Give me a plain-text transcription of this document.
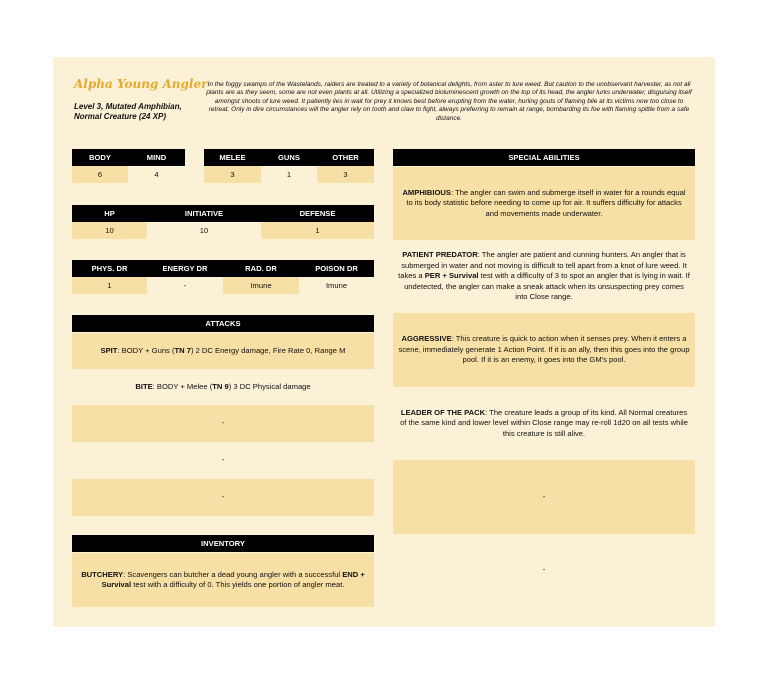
Alpha Young Angler
Level 3, Mutated Amphibian, Normal Creature (24 XP)
In the foggy swamps of the Wastelands, raiders are treated to a variety of botanical delights, from aster to lure weed. But caution to the unobservant harvester, as not all plants are as they seem, some are not even plants at all. Utilizing a specialized bioluminescent growth on the top of its head, the angler lurks underwater, disguising itself amongst shoots of lure weed. It patiently lies in wait for prey it knows best before erupting from the water, hurling gouts of flaming bile at its victims now too close to retreat. Only in dire circumstances will the angler rely on tooth and claw to fight, always preferring to remain at range, bombarding its foe with flaming spittle from a safe distance.
BODY	MIND
6	4
MELEE	GUNS	OTHER
3	1	3
HP	INITIATIVE	DEFENSE
10	10	1
PHYS. DR	ENERGY DR	RAD. DR	POISON DR
1	-	Imune	Imune
ATTACKS
SPIT: BODY + Guns (TN 7) 2 DC Energy damage, Fire Rate 0, Range M
BITE: BODY + Melee (TN 9) 3 DC Physical damage
-
-
-
INVENTORY
BUTCHERY: Scavengers can butcher a dead young angler with a successful END + Survival test with a difficulty of 0. This yields one portion of angler meat.
SPECIAL ABILITIES
AMPHIBIOUS: The angler can swim and submerge itself in water for a rounds equal to its body statistic before needing to come up for air. It suffers difficulty for attacks and movements made underwater.
PATIENT PREDATOR: The angler are patient and cunning hunters. An angler that is submerged in water and not moving is difficult to tell apart from a knot of lure weed. It takes a PER + Survival test with a difficulty of 3 to spot an angler that is lying in wait. If undetected, the angler can make a sneak attack when its unsuspecting prey comes into Close range.
AGGRESSIVE: This creature is quick to action when it senses prey. When it enters a scene, immediately generate 1 Action Point. If it is an ally, then this goes into the group pool. If it is an enemy, it goes into the GM's pool.
LEADER OF THE PACK: The creature leads a group of its kind. All Normal creatures of the same kind and lower level within Close range may re-roll 1d20 on all tests while this creature is still alive.
-
-
